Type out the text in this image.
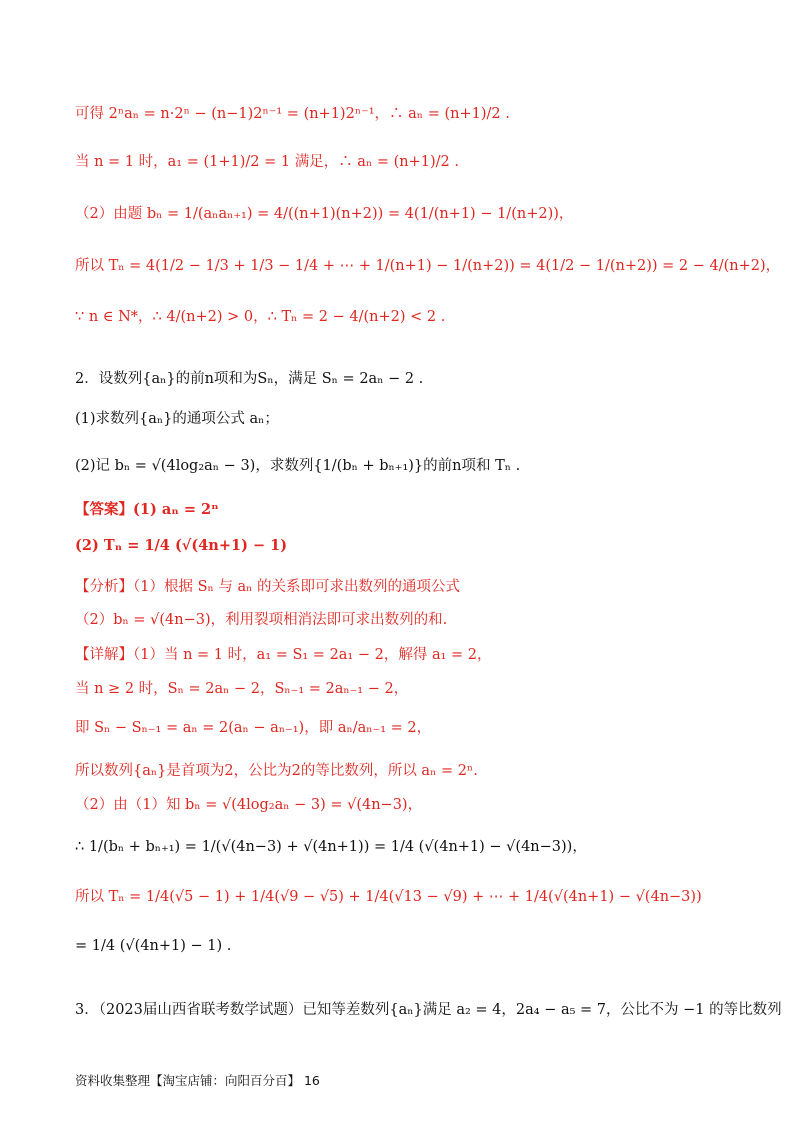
可得 2ⁿaₙ = n·2ⁿ − (n−1)2ⁿ⁻¹ = (n+1)2ⁿ⁻¹，∴ aₙ = (n+1)/2 .
当 n = 1 时，a₁ = (1+1)/2 = 1 满足，∴ aₙ = (n+1)/2 .
（2）由题 bₙ = 1/(aₙaₙ₊₁) = 4/((n+1)(n+2)) = 4(1/(n+1) − 1/(n+2))，
所以 Tₙ = 4(1/2 − 1/3 + 1/3 − 1/4 + ⋯ + 1/(n+1) − 1/(n+2)) = 4(1/2 − 1/(n+2)) = 2 − 4/(n+2)，
∵ n ∈ N*，∴ 4/(n+2) > 0，∴ Tₙ = 2 − 4/(n+2) < 2 .
2．设数列{aₙ}的前n项和为Sₙ，满足 Sₙ = 2aₙ − 2 .
(1)求数列{aₙ}的通项公式 aₙ；
(2)记 bₙ = √(4log₂aₙ − 3)，求数列{1/(bₙ + bₙ₊₁)}的前n项和 Tₙ .
【答案】(1) aₙ = 2ⁿ
(2) Tₙ = 1/4 (√(4n+1) − 1)
【分析】（1）根据 Sₙ 与 aₙ 的关系即可求出数列的通项公式
（2）bₙ = √(4n−3)，利用裂项相消法即可求出数列的和.
【详解】（1）当 n = 1 时，a₁ = S₁ = 2a₁ − 2，解得 a₁ = 2，
当 n ≥ 2 时，Sₙ = 2aₙ − 2，Sₙ₋₁ = 2aₙ₋₁ − 2，
即 Sₙ − Sₙ₋₁ = aₙ = 2(aₙ − aₙ₋₁)，即 aₙ/aₙ₋₁ = 2，
所以数列{aₙ}是首项为2，公比为2的等比数列，所以 aₙ = 2ⁿ.
（2）由（1）知 bₙ = √(4log₂aₙ − 3) = √(4n−3)，
∴ 1/(bₙ + bₙ₊₁) = 1/(√(4n−3) + √(4n+1)) = 1/4 (√(4n+1) − √(4n−3))，
所以 Tₙ = 1/4(√5 − 1) + 1/4(√9 − √5) + 1/4(√13 − √9) + ⋯ + 1/4(√(4n+1) − √(4n−3))
= 1/4 (√(4n+1) − 1) .
3．（2023届山西省联考数学试题）已知等差数列{aₙ}满足 a₂ = 4，2a₄ − a₅ = 7，公比不为 −1 的等比数列
资料收集整理【淘宝店铺：向阳百分百】 16
